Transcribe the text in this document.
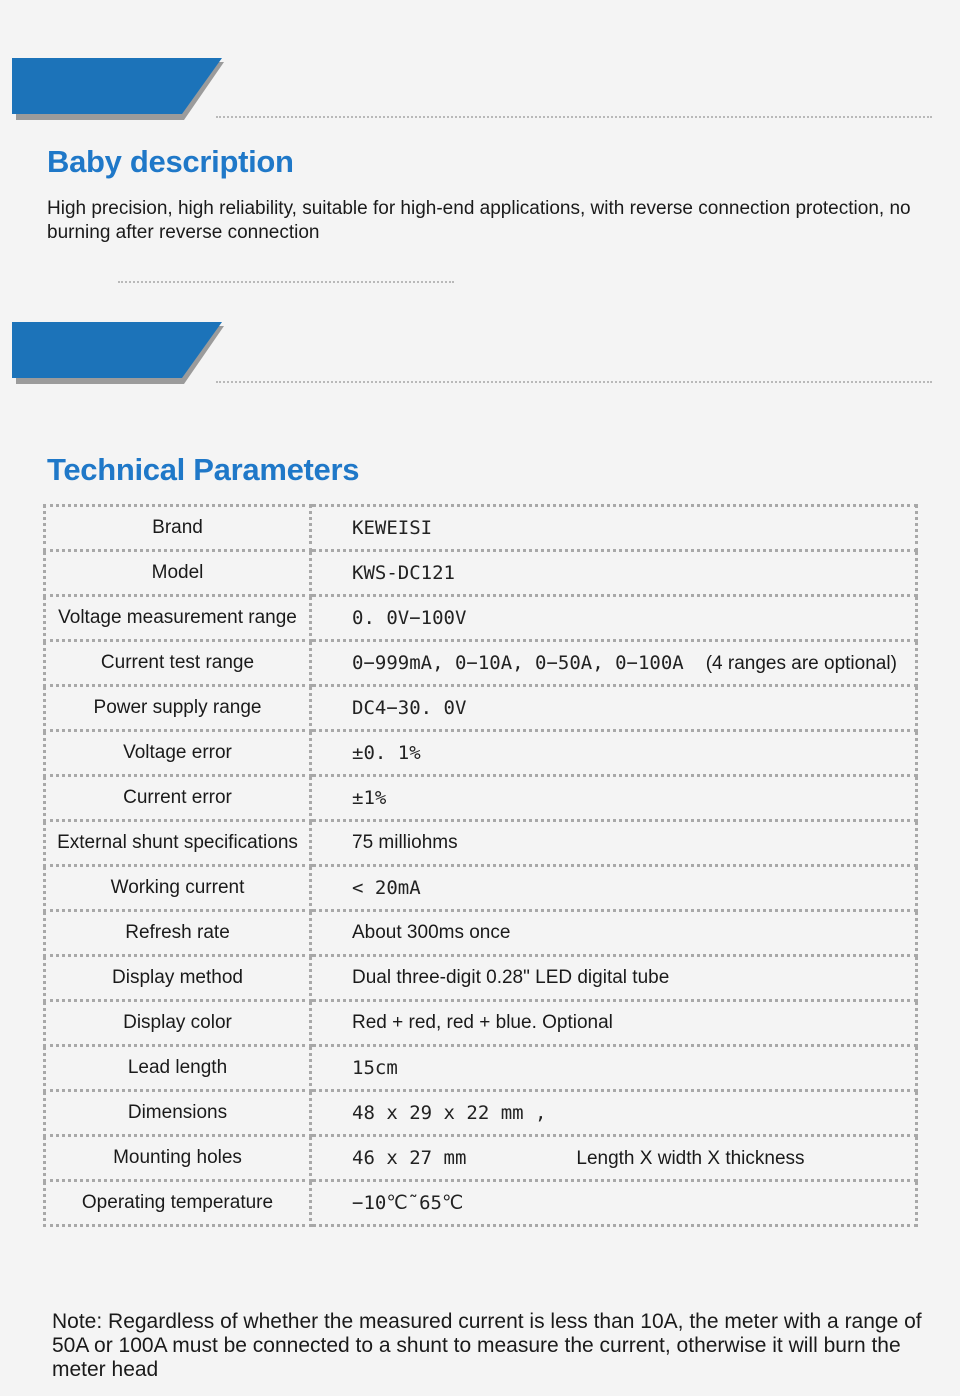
Baby description

High precision, high reliability, suitable for high-end applications, with reverse connection protection, no burning after reverse connection

Technical Parameters
Brand	KEWEISI
Model	KWS-DC121
Voltage measurement range	0. 0V−100V
Current test range	0−999mA, 0−10A, 0−50A, 0−100A (4 ranges are optional)
Power supply range	DC4−30. 0V
Voltage error	±0. 1%
Current error	±1%
External shunt specifications	75 milliohms
Working current	< 20mA
Refresh rate	About 300ms once
Display method	Dual three-digit 0.28" LED digital tube
Display color	Red + red, red + blue. Optional
Lead length	15cm
Dimensions	48 x 29 x 22 mm ,
Mounting holes	46 x 27 mm Length X width X thickness
Operating temperature	−10℃˜65℃

Note: Regardless of whether the measured current is less than 10A, the meter with a range of 50A or 100A must be connected to a shunt to measure the current, otherwise it will burn the meter head
